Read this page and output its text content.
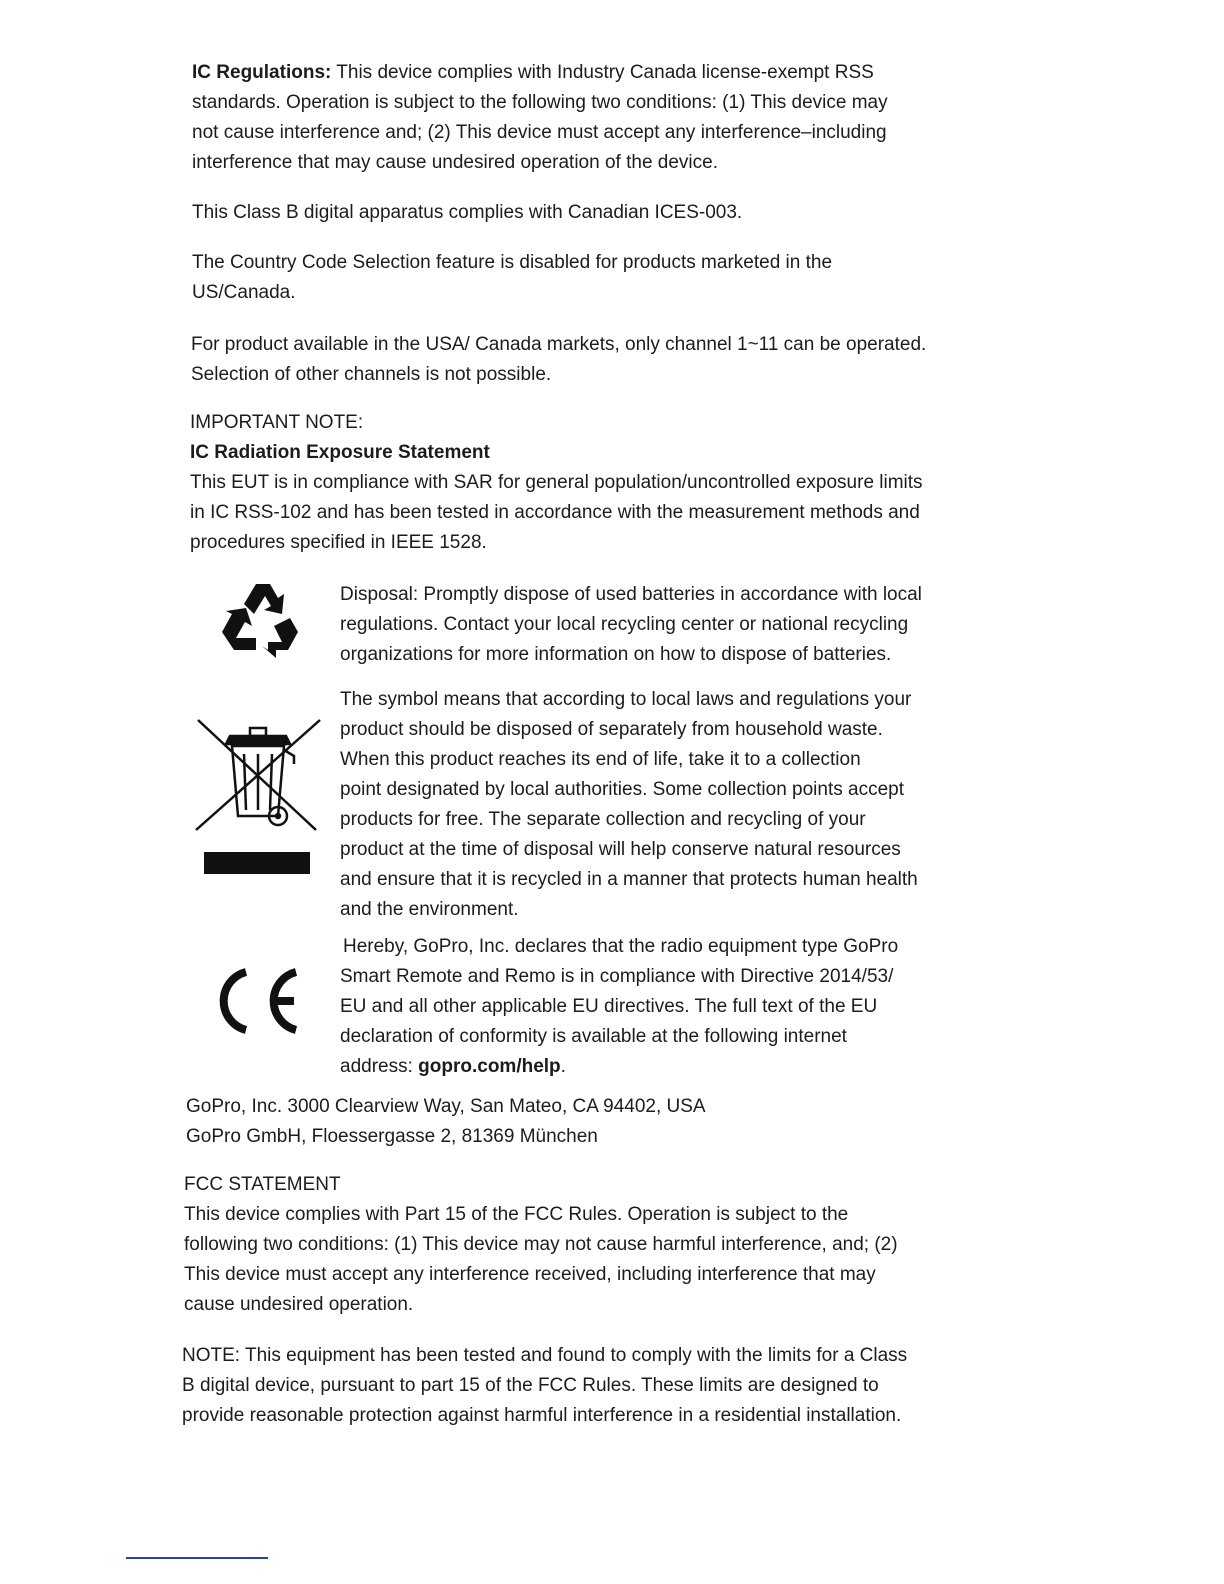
IC Regulations: This device complies with Industry Canada license-exempt RSS

standards. Operation is subject to the following two conditions: (1) This device may

not cause interference and; (2) This device must accept any interference–including

interference that may cause undesired operation of the device.

This Class B digital apparatus complies with Canadian ICES-003.

The Country Code Selection feature is disabled for products marketed in the

US/Canada.

For product available in the USA/ Canada markets, only channel 1~11 can be operated.

Selection of other channels is not possible.

IMPORTANT NOTE:

IC Radiation Exposure Statement

This EUT is in compliance with SAR for general population/uncontrolled exposure limits

in IC RSS-102 and has been tested in accordance with the measurement methods and

procedures specified in IEEE 1528.

Disposal: Promptly dispose of used batteries in accordance with local

regulations. Contact your local recycling center or national recycling

organizations for more information on how to dispose of batteries.

The symbol means that according to local laws and regulations your

product should be disposed of separately from household waste.

When this product reaches its end of life, take it to a collection

point designated by local authorities. Some collection points accept

products for free. The separate collection and recycling of your

product at the time of disposal will help conserve natural resources

and ensure that it is recycled in a manner that protects human health

and the environment.

Hereby, GoPro, Inc. declares that the radio equipment type GoPro

Smart Remote and Remo is in compliance with Directive 2014/53/

EU and all other applicable EU directives. The full text of the EU

declaration of conformity is available at the following internet

address: gopro.com/help.

GoPro, Inc. 3000 Clearview Way, San Mateo, CA 94402, USA

GoPro GmbH, Floessergasse 2, 81369 München

FCC STATEMENT

This device complies with Part 15 of the FCC Rules. Operation is subject to the

following two conditions: (1) This device may not cause harmful interference, and; (2)

This device must accept any interference received, including interference that may

cause undesired operation.

NOTE: This equipment has been tested and found to comply with the limits for a Class

B digital device, pursuant to part 15 of the FCC Rules. These limits are designed to

provide reasonable protection against harmful interference in a residential installation.
